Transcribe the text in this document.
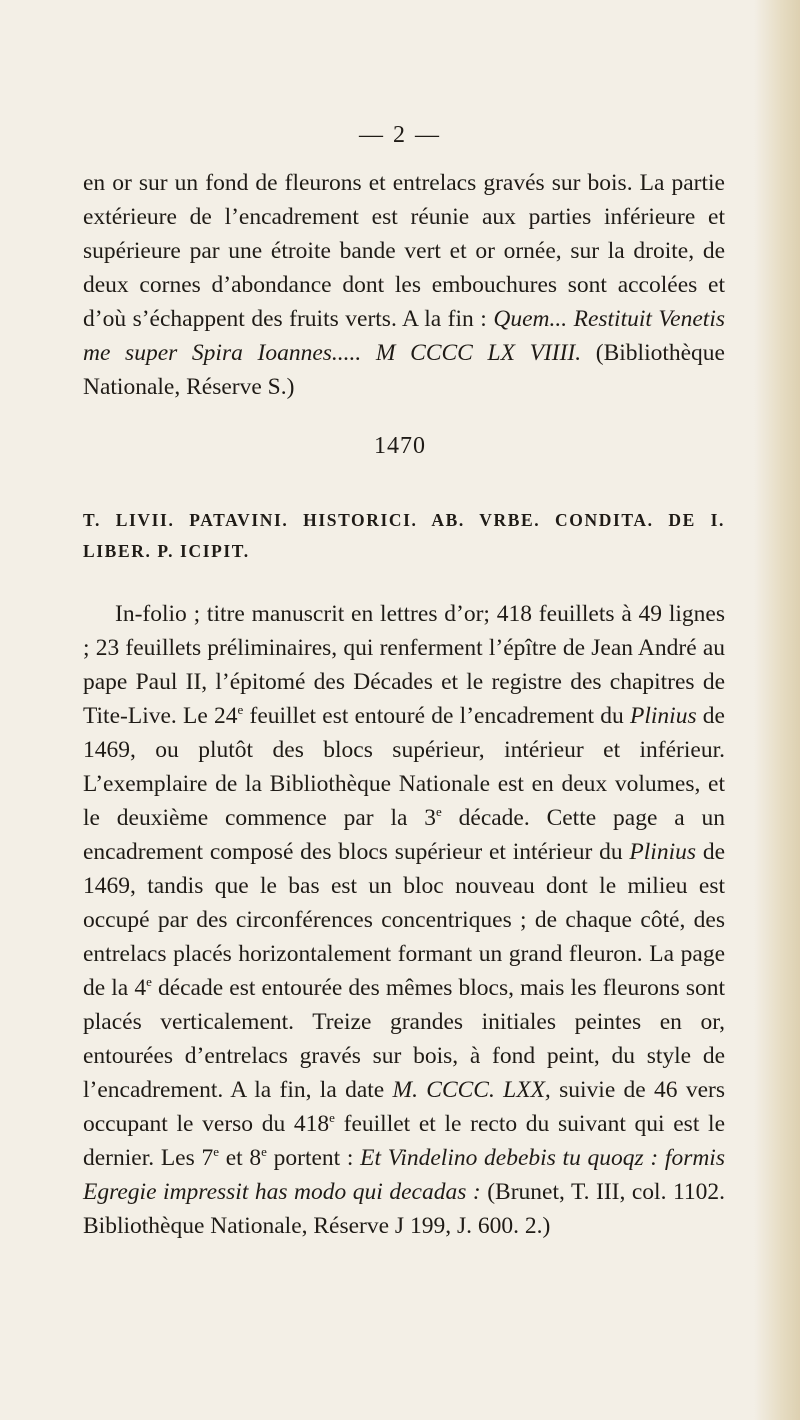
— 2 —

en or sur un fond de fleurons et entrelacs gravés sur bois. La partie extérieure de l’encadrement est réunie aux parties inférieure et supérieure par une étroite bande vert et or ornée, sur la droite, de deux cornes d’abondance dont les embouchures sont accolées et d’où s’échappent des fruits verts. A la fin : Quem... Restituit Venetis me super Spira Ioannes..... M CCCC LX VIIII. (Bibliothèque Nationale, Réserve S.)

1470
T. LIVII. PATAVINI. HISTORICI. AB. VRBE. CONDITA. DE I. LIBER. P. ICIPIT.

In-folio ; titre manuscrit en lettres d’or; 418 feuillets à 49 lignes ; 23 feuillets préliminaires, qui renferment l’épître de Jean André au pape Paul II, l’épitomé des Décades et le registre des chapitres de Tite-Live. Le 24e feuillet est entouré de l’encadrement du Plinius de 1469, ou plutôt des blocs supérieur, intérieur et inférieur. L’exemplaire de la Bibliothèque Nationale est en deux volumes, et le deuxième commence par la 3e décade. Cette page a un encadrement composé des blocs supérieur et intérieur du Plinius de 1469, tandis que le bas est un bloc nouveau dont le milieu est occupé par des circonférences concentriques ; de chaque côté, des entrelacs placés horizontalement formant un grand fleuron. La page de la 4e décade est entourée des mêmes blocs, mais les fleurons sont placés verticalement. Treize grandes initiales peintes en or, entourées d’entrelacs gravés sur bois, à fond peint, du style de l’encadrement. A la fin, la date M. CCCC. LXX, suivie de 46 vers occupant le verso du 418e feuillet et le recto du suivant qui est le dernier. Les 7e et 8e portent : Et Vindelino debebis tu quoqz : formis Egregie impressit has modo qui decadas : (Brunet, T. III, col. 1102. Bibliothèque Nationale, Réserve J 199, J. 600. 2.)
